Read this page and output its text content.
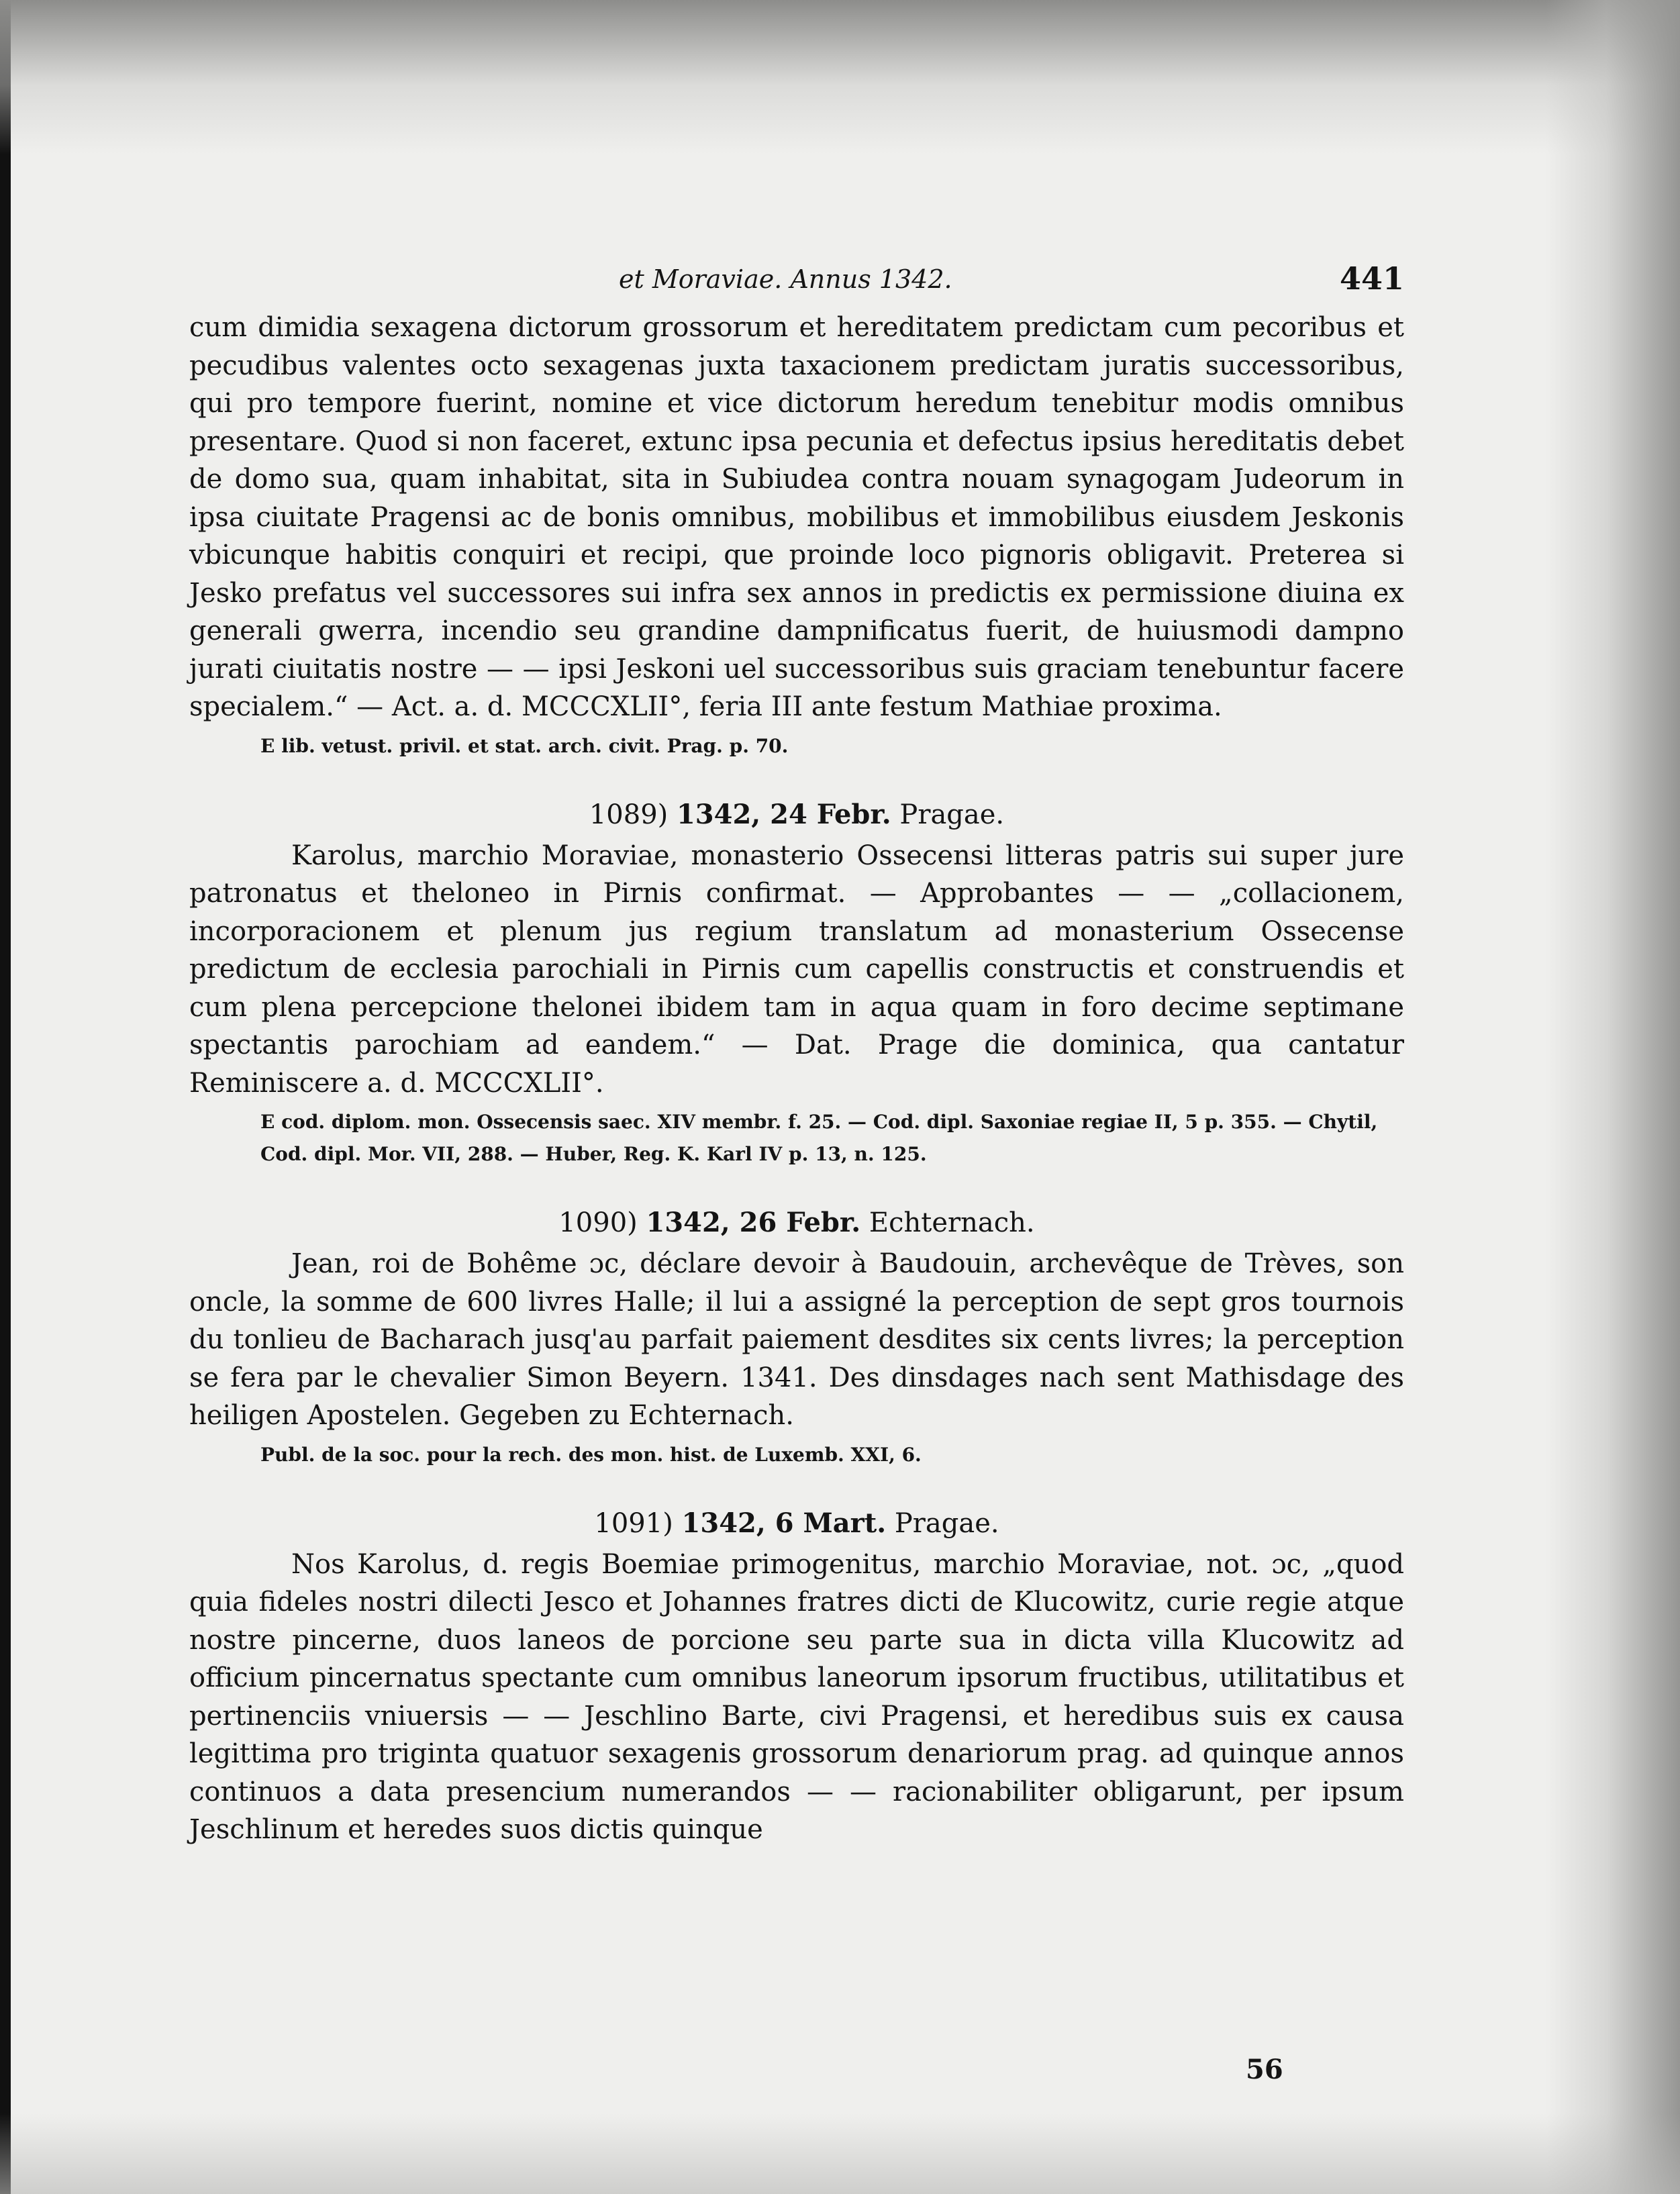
et Moraviae. Annus 1342.	441

cum dimidia sexagena dictorum grossorum et hereditatem predictam cum pecoribus et pecudibus valentes octo sexagenas juxta taxacionem predictam juratis successoribus, qui pro tempore fuerint, nomine et vice dictorum heredum tenebitur modis omnibus presentare. Quod si non faceret, extunc ipsa pecunia et defectus ipsius hereditatis debet de domo sua, quam inhabitat, sita in Subiudea contra nouam synagogam Judeorum in ipsa ciuitate Pragensi ac de bonis omnibus, mobilibus et immobilibus eiusdem Jeskonis vbicunque habitis conquiri et recipi, que proinde loco pignoris obligavit. Preterea si Jesko prefatus vel successores sui infra sex annos in predictis ex permissione diuina ex generali gwerra, incendio seu grandine dampnificatus fuerit, de huiusmodi dampno jurati ciuitatis nostre — — ipsi Jeskoni uel successoribus suis graciam tenebuntur facere specialem.“ — Act. a. d. MCCCXLII°, feria III ante festum Mathiae proxima.

E lib. vetust. privil. et stat. arch. civit. Prag. p. 70.

1089) 1342, 24 Febr. Pragae.

Karolus, marchio Moraviae, monasterio Ossecensi litteras patris sui super jure patronatus et theloneo in Pirnis confirmat. — Approbantes — — „collacionem, incorporacionem et plenum jus regium translatum ad monasterium Ossecense predictum de ecclesia parochiali in Pirnis cum capellis constructis et construendis et cum plena percepcione thelonei ibidem tam in aqua quam in foro decime septimane spectantis parochiam ad eandem.“ — Dat. Prage die dominica, qua cantatur Reminiscere a. d. MCCCXLII°.

E cod. diplom. mon. Ossecensis saec. XIV membr. f. 25. — Cod. dipl. Saxoniae regiae II, 5 p. 355. — Chytil, Cod. dipl. Mor. VII, 288. — Huber, Reg. K. Karl IV p. 13, n. 125.

1090) 1342, 26 Febr. Echternach.

Jean, roi de Bohême ɔc, déclare devoir à Baudouin, archevêque de Trèves, son oncle, la somme de 600 livres Halle; il lui a assigné la perception de sept gros tournois du tonlieu de Bacharach jusq'au parfait paiement desdites six cents livres; la perception se fera par le chevalier Simon Beyern. 1341. Des dinsdages nach sent Mathisdage des heiligen Apostelen. Gegeben zu Echternach.

Publ. de la soc. pour la rech. des mon. hist. de Luxemb. XXI, 6.

1091) 1342, 6 Mart. Pragae.

Nos Karolus, d. regis Boemiae primogenitus, marchio Moraviae, not. ɔc, „quod quia fideles nostri dilecti Jesco et Johannes fratres dicti de Klucowitz, curie regie atque nostre pincerne, duos laneos de porcione seu parte sua in dicta villa Klucowitz ad officium pincernatus spectante cum omnibus laneorum ipsorum fructibus, utilitatibus et pertinenciis vniuersis — — Jeschlino Barte, civi Pragensi, et heredibus suis ex causa legittima pro triginta quatuor sexagenis grossorum denariorum prag. ad quinque annos continuos a data presencium numerandos — — racionabiliter obligarunt, per ipsum Jeschlinum et heredes suos dictis quinque

56
